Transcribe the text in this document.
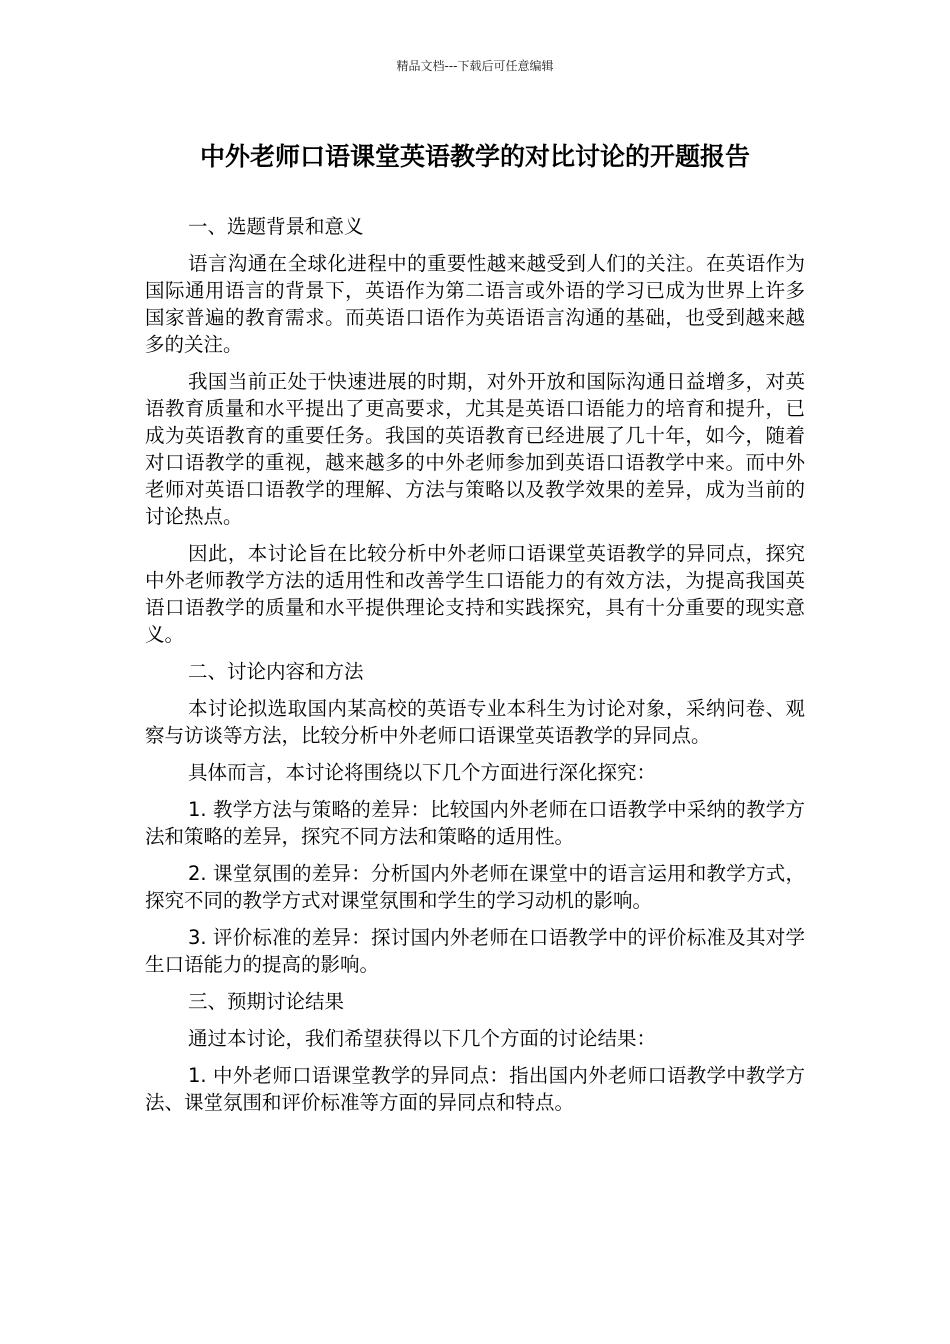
精品文档---下载后可任意编辑
中外老师口语课堂英语教学的对比讨论的开题报告

一、选题背景和意义

语言沟通在全球化进程中的重要性越来越受到人们的关注。在英语作为国际通用语言的背景下，英语作为第二语言或外语的学习已成为世界上许多国家普遍的教育需求。而英语口语作为英语语言沟通的基础，也受到越来越多的关注。

我国当前正处于快速进展的时期，对外开放和国际沟通日益增多，对英语教育质量和水平提出了更高要求，尤其是英语口语能力的培育和提升，已成为英语教育的重要任务。我国的英语教育已经进展了几十年，如今，随着对口语教学的重视，越来越多的中外老师参加到英语口语教学中来。而中外老师对英语口语教学的理解、方法与策略以及教学效果的差异，成为当前的讨论热点。

因此，本讨论旨在比较分析中外老师口语课堂英语教学的异同点，探究中外老师教学方法的适用性和改善学生口语能力的有效方法，为提高我国英语口语教学的质量和水平提供理论支持和实践探究，具有十分重要的现实意义。

二、讨论内容和方法

本讨论拟选取国内某高校的英语专业本科生为讨论对象，采纳问卷、观察与访谈等方法，比较分析中外老师口语课堂英语教学的异同点。

具体而言，本讨论将围绕以下几个方面进行深化探究：

1. 教学方法与策略的差异：比较国内外老师在口语教学中采纳的教学方法和策略的差异，探究不同方法和策略的适用性。

2. 课堂氛围的差异：分析国内外老师在课堂中的语言运用和教学方式，探究不同的教学方式对课堂氛围和学生的学习动机的影响。

3. 评价标准的差异：探讨国内外老师在口语教学中的评价标准及其对学生口语能力的提高的影响。

三、预期讨论结果

通过本讨论，我们希望获得以下几个方面的讨论结果：

1. 中外老师口语课堂教学的异同点：指出国内外老师口语教学中教学方法、课堂氛围和评价标准等方面的异同点和特点。
